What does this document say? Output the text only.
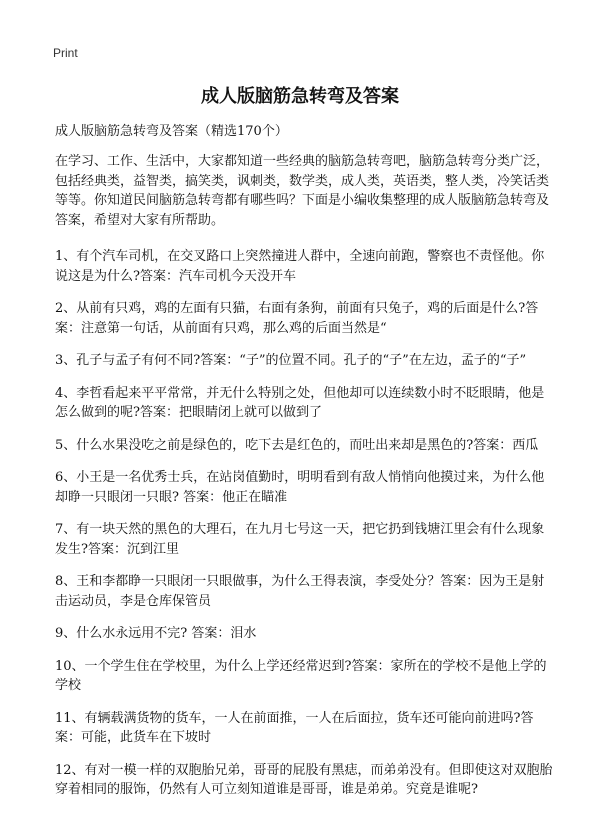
Print
成人版脑筋急转弯及答案
成人版脑筋急转弯及答案（精选170个）

在学习、工作、生活中，大家都知道一些经典的脑筋急转弯吧，脑筋急转弯分类广泛，包括经典类，益智类，搞笑类，讽刺类，数学类，成人类，英语类，整人类，冷笑话类等等。你知道民间脑筋急转弯都有哪些吗？下面是小编收集整理的成人版脑筋急转弯及答案，希望对大家有所帮助。

1、有个汽车司机，在交叉路口上突然撞进人群中，全速向前跑，警察也不责怪他。你说这是为什么?答案：汽车司机今天没开车

2、从前有只鸡，鸡的左面有只猫，右面有条狗，前面有只兔子，鸡的后面是什么?答案：注意第一句话，从前面有只鸡，那么鸡的后面当然是“

3、孔子与孟子有何不同?答案：“子”的位置不同。孔子的“子”在左边，孟子的“子”

4、李哲看起来平平常常，并无什么特别之处，但他却可以连续数小时不眨眼睛，他是怎么做到的呢?答案：把眼睛闭上就可以做到了

5、什么水果没吃之前是绿色的，吃下去是红色的，而吐出来却是黑色的?答案：西瓜

6、小王是一名优秀士兵，在站岗值勤时，明明看到有敌人悄悄向他摸过来，为什么他却睁一只眼闭一只眼? 答案：他正在瞄准

7、有一块天然的黑色的大理石，在九月七号这一天，把它扔到钱塘江里会有什么现象发生?答案：沉到江里

8、王和李都睁一只眼闭一只眼做事，为什么王得表演，李受处分？答案：因为王是射击运动员，李是仓库保管员

9、什么水永远用不完? 答案：泪水

10、一个学生住在学校里，为什么上学还经常迟到?答案：家所在的学校不是他上学的学校

11、有辆载满货物的货车，一人在前面推，一人在后面拉，货车还可能向前进吗?答案：可能，此货车在下坡时

12、有对一模一样的双胞胎兄弟，哥哥的屁股有黑痣，而弟弟没有。但即使这对双胞胎穿着相同的服饰，仍然有人可立刻知道谁是哥哥，谁是弟弟。究竟是谁呢?
